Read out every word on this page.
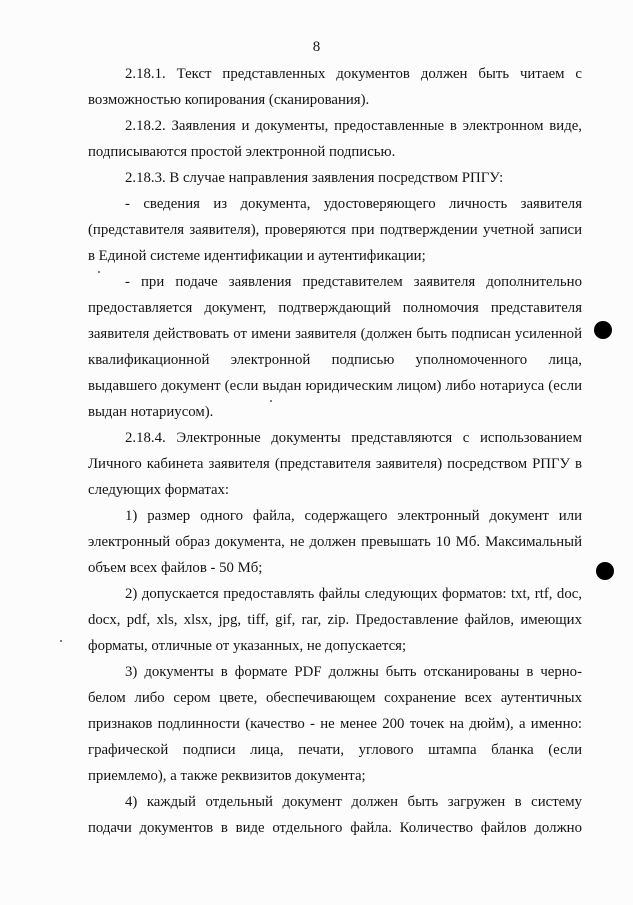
8
2.18.1. Текст представленных документов должен быть читаем с
возможностью копирования (сканирования).
2.18.2. Заявления и документы, предоставленные в электронном виде,
подписываются простой электронной подписью.
2.18.3. В случае направления заявления посредством РПГУ:
- сведения из документа, удостоверяющего личность заявителя
(представителя заявителя), проверяются при подтверждении учетной записи
в Единой системе идентификации и аутентификации;
- при подаче заявления представителем заявителя дополнительно
предоставляется документ, подтверждающий полномочия представителя
заявителя действовать от имени заявителя (должен быть подписан усиленной
квалификационной электронной подписью уполномоченного лица,
выдавшего документ (если выдан юридическим лицом) либо нотариуса (если
выдан нотариусом).
2.18.4. Электронные документы представляются с использованием
Личного кабинета заявителя (представителя заявителя) посредством РПГУ в
следующих форматах:
1) размер одного файла, содержащего электронный документ или
электронный образ документа, не должен превышать 10 Мб. Максимальный
объем всех файлов - 50 Мб;
2) допускается предоставлять файлы следующих форматов: txt, rtf, doc,
docx, pdf, xls, xlsx, jpg, tiff, gif, rar, zip. Предоставление файлов, имеющих
форматы, отличные от указанных, не допускается;
3) документы в формате PDF должны быть отсканированы в черно-
белом либо сером цвете, обеспечивающем сохранение всех аутентичных
признаков подлинности (качество - не менее 200 точек на дюйм), а именно:
графической подписи лица, печати, углового штампа бланка (если
приемлемо), а также реквизитов документа;
4) каждый отдельный документ должен быть загружен в систему
подачи документов в виде отдельного файла. Количество файлов должно
